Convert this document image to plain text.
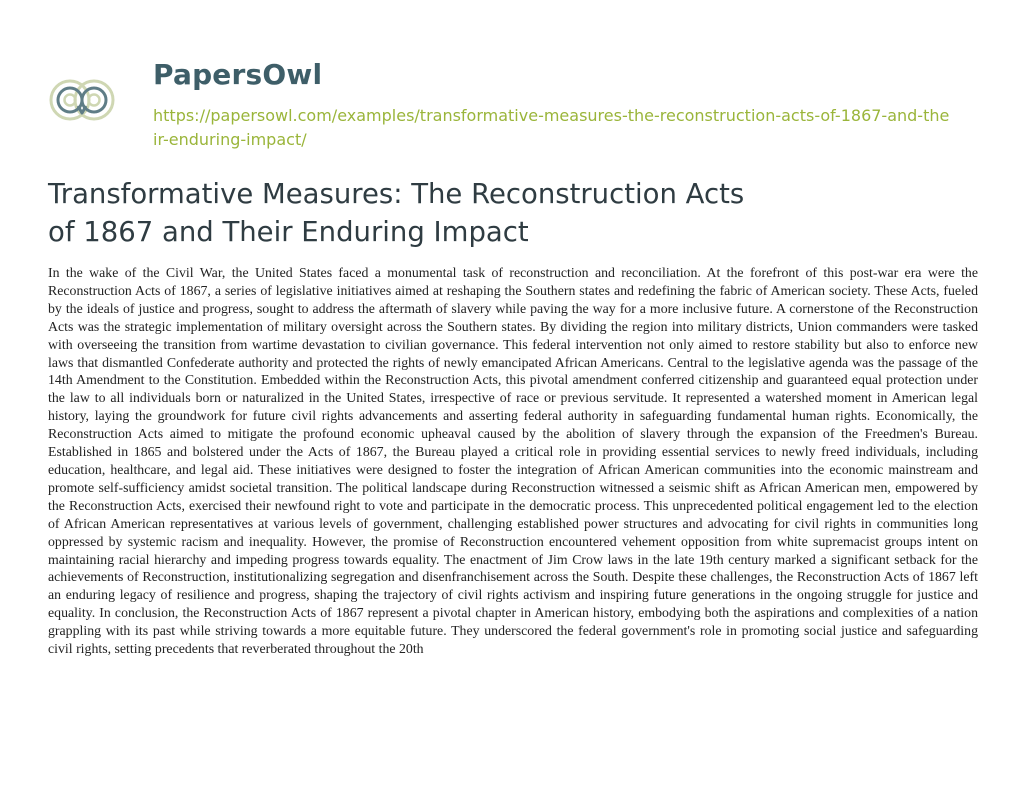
PapersOwl
https://papersowl.com/examples/transformative-measures-the-reconstruction-acts-of-1867-and-their-enduring-impact/
Transformative Measures: The Reconstruction Acts of 1867 and Their Enduring Impact

In the wake of the Civil War, the United States faced a monumental task of reconstruction and reconciliation. At the forefront of this post-war era were the Reconstruction Acts of 1867, a series of legislative initiatives aimed at reshaping the Southern states and redefining the fabric of American society. These Acts, fueled by the ideals of justice and progress, sought to address the aftermath of slavery while paving the way for a more inclusive future. A cornerstone of the Reconstruction Acts was the strategic implementation of military oversight across the Southern states. By dividing the region into military districts, Union commanders were tasked with overseeing the transition from wartime devastation to civilian governance. This federal intervention not only aimed to restore stability but also to enforce new laws that dismantled Confederate authority and protected the rights of newly emancipated African Americans. Central to the legislative agenda was the passage of the 14th Amendment to the Constitution. Embedded within the Reconstruction Acts, this pivotal amendment conferred citizenship and guaranteed equal protection under the law to all individuals born or naturalized in the United States, irrespective of race or previous servitude. It represented a watershed moment in American legal history, laying the groundwork for future civil rights advancements and asserting federal authority in safeguarding fundamental human rights. Economically, the Reconstruction Acts aimed to mitigate the profound economic upheaval caused by the abolition of slavery through the expansion of the Freedmen's Bureau. Established in 1865 and bolstered under the Acts of 1867, the Bureau played a critical role in providing essential services to newly freed individuals, including education, healthcare, and legal aid. These initiatives were designed to foster the integration of African American communities into the economic mainstream and promote self-sufficiency amidst societal transition. The political landscape during Reconstruction witnessed a seismic shift as African American men, empowered by the Reconstruction Acts, exercised their newfound right to vote and participate in the democratic process. This unprecedented political engagement led to the election of African American representatives at various levels of government, challenging established power structures and advocating for civil rights in communities long oppressed by systemic racism and inequality. However, the promise of Reconstruction encountered vehement opposition from white supremacist groups intent on maintaining racial hierarchy and impeding progress towards equality. The enactment of Jim Crow laws in the late 19th century marked a significant setback for the achievements of Reconstruction, institutionalizing segregation and disenfranchisement across the South. Despite these challenges, the Reconstruction Acts of 1867 left an enduring legacy of resilience and progress, shaping the trajectory of civil rights activism and inspiring future generations in the ongoing struggle for justice and equality. In conclusion, the Reconstruction Acts of 1867 represent a pivotal chapter in American history, embodying both the aspirations and complexities of a nation grappling with its past while striving towards a more equitable future. They underscored the federal government's role in promoting social justice and safeguarding civil rights, setting precedents that reverberated throughout the 20th
